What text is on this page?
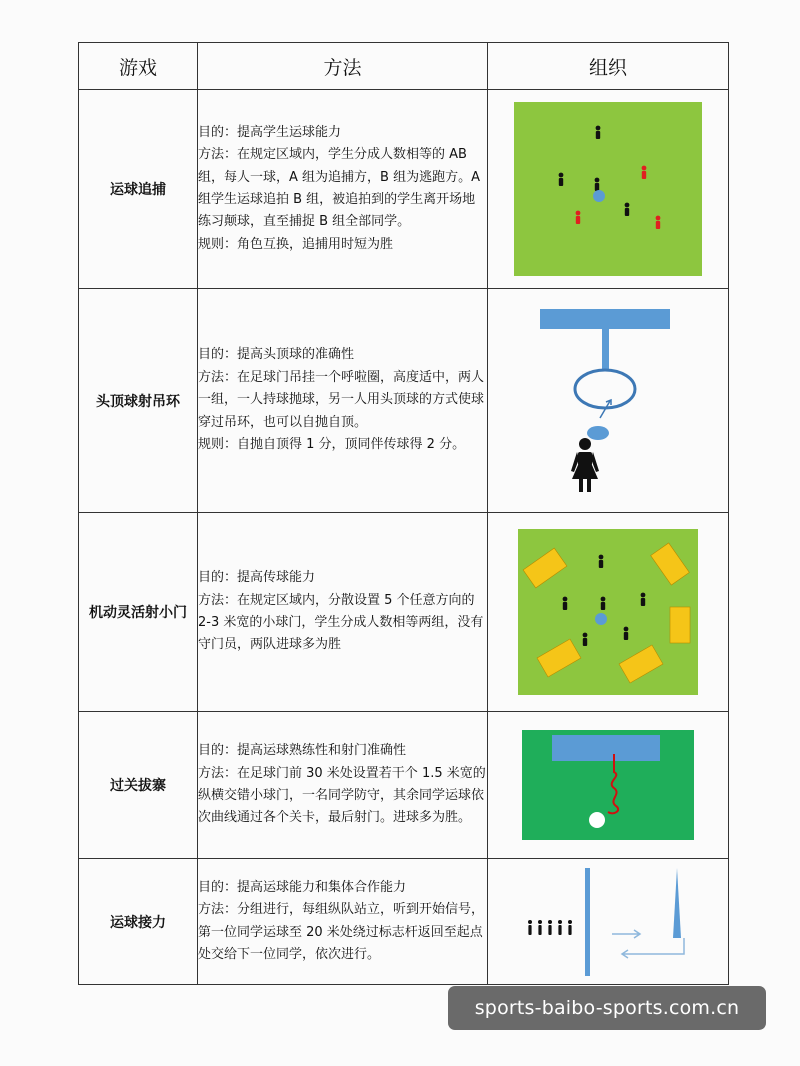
游戏	方法	组织
运球追捕	目的：提高学生运球能力

方法：在规定区域内，学生分成人数相等的 AB 组，每人一球，A 组为追捕方，B 组为逃跑方。A 组学生运球追拍 B 组，被追拍到的学生离开场地练习颠球，直至捕捉 B 组全部同学。

规则：角色互换，追捕用时短为胜

头顶球射吊环	目的：提高头顶球的准确性

方法：在足球门吊挂一个呼啦圈，高度适中，两人一组，一人持球抛球，另一人用头顶球的方式使球穿过吊环，也可以自抛自顶。

规则：自抛自顶得 1 分，顶同伴传球得 2 分。

机动灵活射小门	目的：提高传球能力

方法：在规定区域内，分散设置 5 个任意方向的 2-3 米宽的小球门，学生分成人数相等两组，没有守门员，两队进球多为胜

过关拔寨	目的：提高运球熟练性和射门准确性

方法：在足球门前 30 米处设置若干个 1.5 米宽的纵横交错小球门，一名同学防守，其余同学运球依次曲线通过各个关卡，最后射门。进球多为胜。

运球接力	目的：提高运球能力和集体合作能力

方法：分组进行，每组纵队站立，听到开始信号，第一位同学运球至 20 米处绕过标志杆返回至起点处交给下一位同学，依次进行。

sports-baibo-sports.com.cn
